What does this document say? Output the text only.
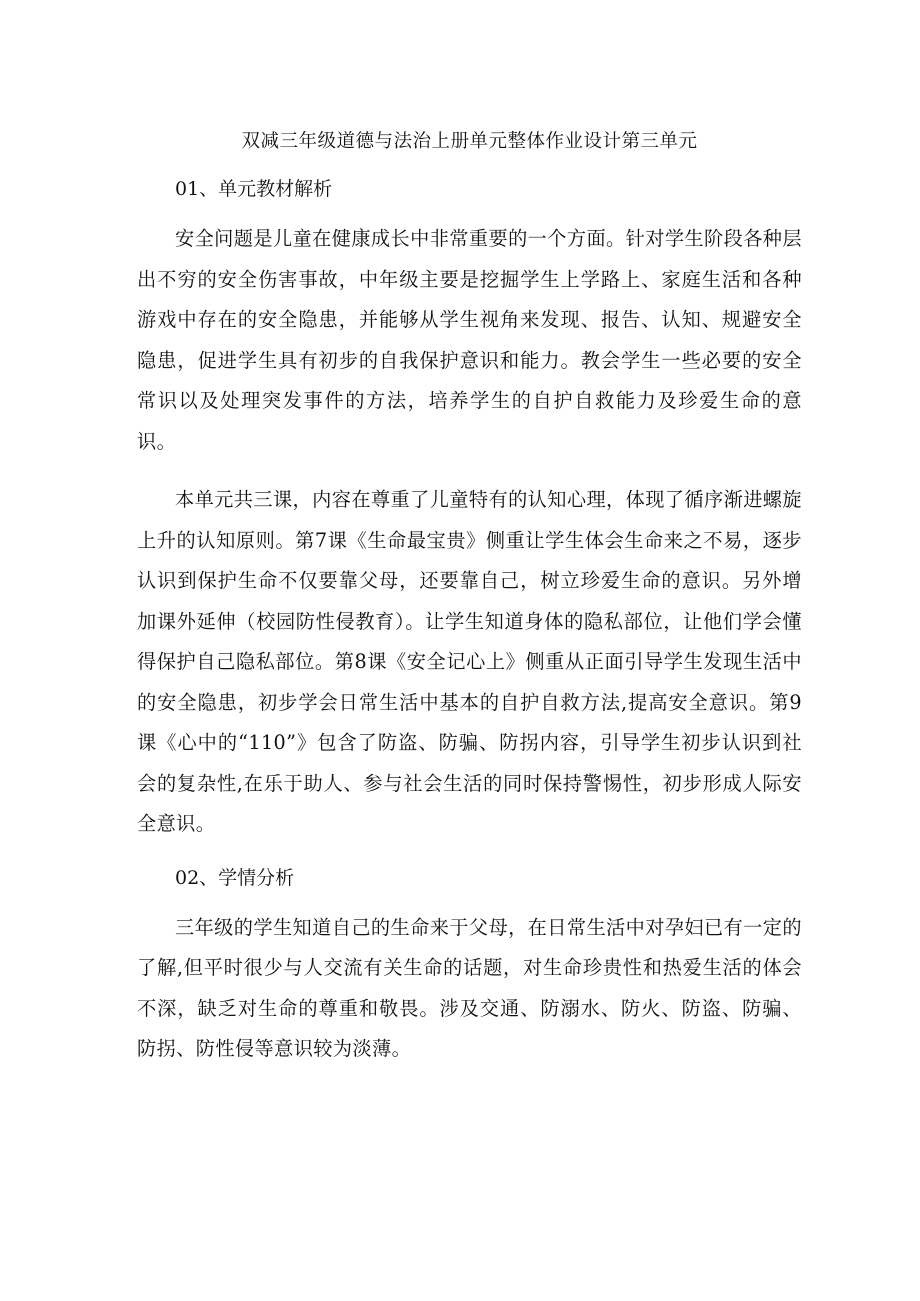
双减三年级道德与法治上册单元整体作业设计第三单元
01、单元教材解析

安全问题是儿童在健康成长中非常重要的一个方面。针对学生阶段各种层出不穷的安全伤害事故，中年级主要是挖掘学生上学路上、家庭生活和各种游戏中存在的安全隐患，并能够从学生视角来发现、报告、认知、规避安全隐患，促进学生具有初步的自我保护意识和能力。教会学生一些必要的安全常识以及处理突发事件的方法，培养学生的自护自救能力及珍爱生命的意识。

本单元共三课，内容在尊重了儿童特有的认知心理，体现了循序渐进螺旋上升的认知原则。第7课《生命最宝贵》侧重让学生体会生命来之不易，逐步认识到保护生命不仅要靠父母，还要靠自己，树立珍爱生命的意识。另外增加课外延伸（校园防性侵教育）。让学生知道身体的隐私部位，让他们学会懂得保护自己隐私部位。第8课《安全记心上》侧重从正面引导学生发现生活中的安全隐患，初步学会日常生活中基本的自护自救方法,提高安全意识。第9课《心中的“110”》包含了防盗、防骗、防拐内容，引导学生初步认识到社会的复杂性,在乐于助人、参与社会生活的同时保持警惕性，初步形成人际安全意识。

02、学情分析

三年级的学生知道自己的生命来于父母，在日常生活中对孕妇已有一定的了解,但平时很少与人交流有关生命的话题，对生命珍贵性和热爱生活的体会不深，缺乏对生命的尊重和敬畏。涉及交通、防溺水、防火、防盗、防骗、防拐、防性侵等意识较为淡薄。
